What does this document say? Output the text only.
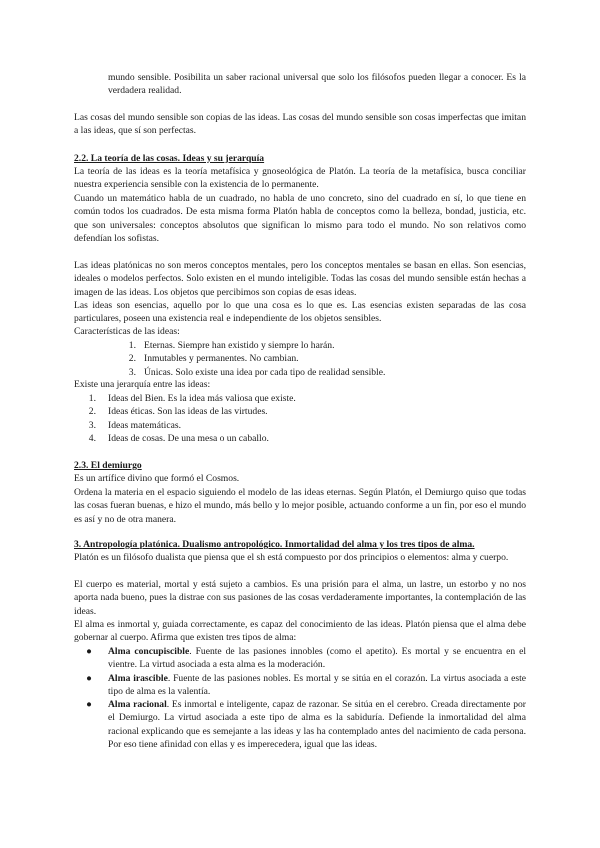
mundo sensible. Posibilita un saber racional universal que solo los filósofos pueden llegar a conocer. Es la verdadera realidad.

Las cosas del mundo sensible son copias de las ideas. Las cosas del mundo sensible son cosas imperfectas que imitan a las ideas, que sí son perfectas.

2.2. La teoría de las cosas. Ideas y su jerarquía

La teoría de las ideas es la teoría metafísica y gnoseológica de Platón. La teoría de la metafísica, busca conciliar nuestra experiencia sensible con la existencia de lo permanente.

Cuando un matemático habla de un cuadrado, no habla de uno concreto, sino del cuadrado en sí, lo que tiene en común todos los cuadrados. De esta misma forma Platón habla de conceptos como la belleza, bondad, justicia, etc. que son universales: conceptos absolutos que significan lo mismo para todo el mundo. No son relativos como defendían los sofistas.

Las ideas platónicas no son meros conceptos mentales, pero los conceptos mentales se basan en ellas. Son esencias, ideales o modelos perfectos. Solo existen en el mundo inteligible. Todas las cosas del mundo sensible están hechas a imagen de las ideas. Los objetos que percibimos son copias de esas ideas.

Las ideas son esencias, aquello por lo que una cosa es lo que es. Las esencias existen separadas de las cosa particulares, poseen una existencia real e independiente de los objetos sensibles.

Características de las ideas:

1. Eternas. Siempre han existido y siempre lo harán.
2. Inmutables y permanentes. No cambian.
3. Únicas. Solo existe una idea por cada tipo de realidad sensible.

Existe una jerarquía entre las ideas:

1. Ideas del Bien. Es la idea más valiosa que existe.
2. Ideas éticas. Son las ideas de las virtudes.
3. Ideas matemáticas.
4. Ideas de cosas. De una mesa o un caballo.

2.3. El demiurgo

Es un artífice divino que formó el Cosmos.

Ordena la materia en el espacio siguiendo el modelo de las ideas eternas. Según Platón, el Demiurgo quiso que todas las cosas fueran buenas, e hizo el mundo, más bello y lo mejor posible, actuando conforme a un fin, por eso el mundo es así y no de otra manera.

3. Antropología platónica. Dualismo antropológico. Inmortalidad del alma y los tres tipos de alma.

Platón es un filósofo dualista que piensa que el sh está compuesto por dos principios o elementos: alma y cuerpo.

El cuerpo es material, mortal y está sujeto a cambios. Es una prisión para el alma, un lastre, un estorbo y no nos aporta nada bueno, pues la distrae con sus pasiones de las cosas verdaderamente importantes, la contemplación de las ideas.

El alma es inmortal y, guiada correctamente, es capaz del conocimiento de las ideas. Platón piensa que el alma debe gobernar al cuerpo. Afirma que existen tres tipos de alma:

●	Alma concupiscible. Fuente de las pasiones innobles (como el apetito). Es mortal y se encuentra en el vientre. La virtud asociada a esta alma es la moderación.

●	Alma irascible. Fuente de las pasiones nobles. Es mortal y se sitúa en el corazón. La virtus asociada a este tipo de alma es la valentía.

●	Alma racional. Es inmortal e inteligente, capaz de razonar. Se sitúa en el cerebro. Creada directamente por el Demiurgo. La virtud asociada a este tipo de alma es la sabiduría. Defiende la inmortalidad del alma racional explicando que es semejante a las ideas y las ha contemplado antes del nacimiento de cada persona. Por eso tiene afinidad con ellas y es imperecedera, igual que las ideas.
